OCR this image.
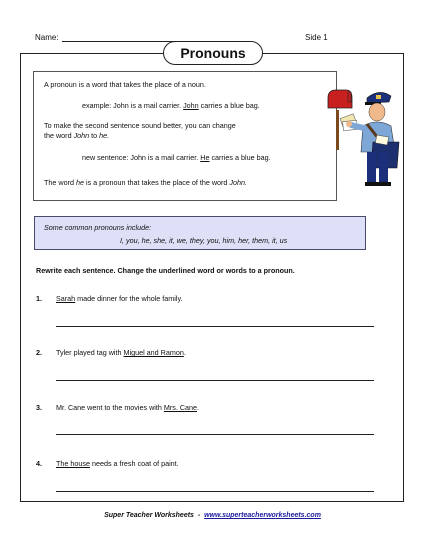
Name:	Side 1
Pronouns
A pronoun is a word that takes the place of a noun.
example: John is a mail carrier. John carries a blue bag.
To make the second sentence sound better, you can change
the word John to he.
new sentence: John is a mail carrier. He carries a blue bag.
The word he is a pronoun that takes the place of the word John.
Some common pronouns include:
I, you, he, she, it, we, they, you, him, her, them, it, us
Rewrite each sentence. Change the underlined word or words to a pronoun.
1. Sarah made dinner for the whole family.
2. Tyler played tag with Miguel and Ramon.
3. Mr. Cane went to the movies with Mrs. Cane.
4. The house needs a fresh coat of paint.
Super Teacher Worksheets  -  www.superteacherworksheets.com
